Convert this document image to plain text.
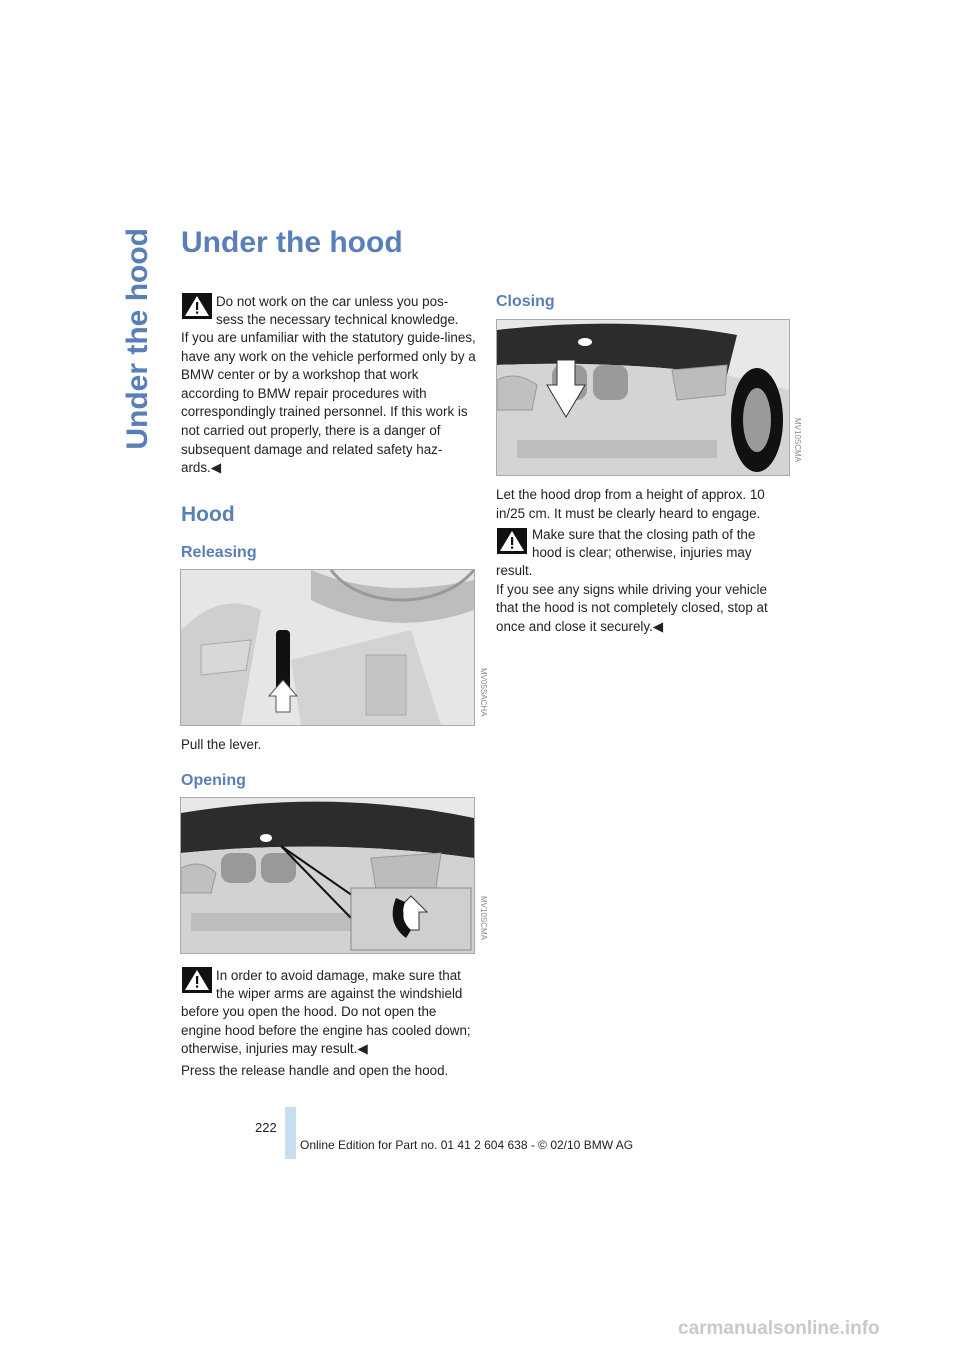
Under the hood Under the hood

Do not work on the car unless you pos-

sess the necessary technical knowledge.

If you are unfamiliar with the statutory guide-lines, have any work on the vehicle performed only by a BMW center or by a workshop that work according to BMW repair procedures with correspondingly trained personnel. If this work is not carried out properly, there is a danger of subsequent damage and related safety haz-ards.◀

Hood
Releasing
MV05SACHA

Pull the lever.

Opening
MV10SCMA

In order to avoid damage, make sure that

the wiper arms are against the windshield

before you open the hood. Do not open the engine hood before the engine has cooled down; otherwise, injuries may result.◀

Press the release handle and open the hood.

Closing
MV10SCMA

Let the hood drop from a height of approx. 10 in/25 cm. It must be clearly heard to engage.

Make sure that the closing path of the

hood is clear; otherwise, injuries may

result.
If you see any signs while driving your vehicle that the hood is not completely closed, stop at once and close it securely.◀

222
Online Edition for Part no. 01 41 2 604 638 - © 02/10 BMW AG
carmanualsonline.info
